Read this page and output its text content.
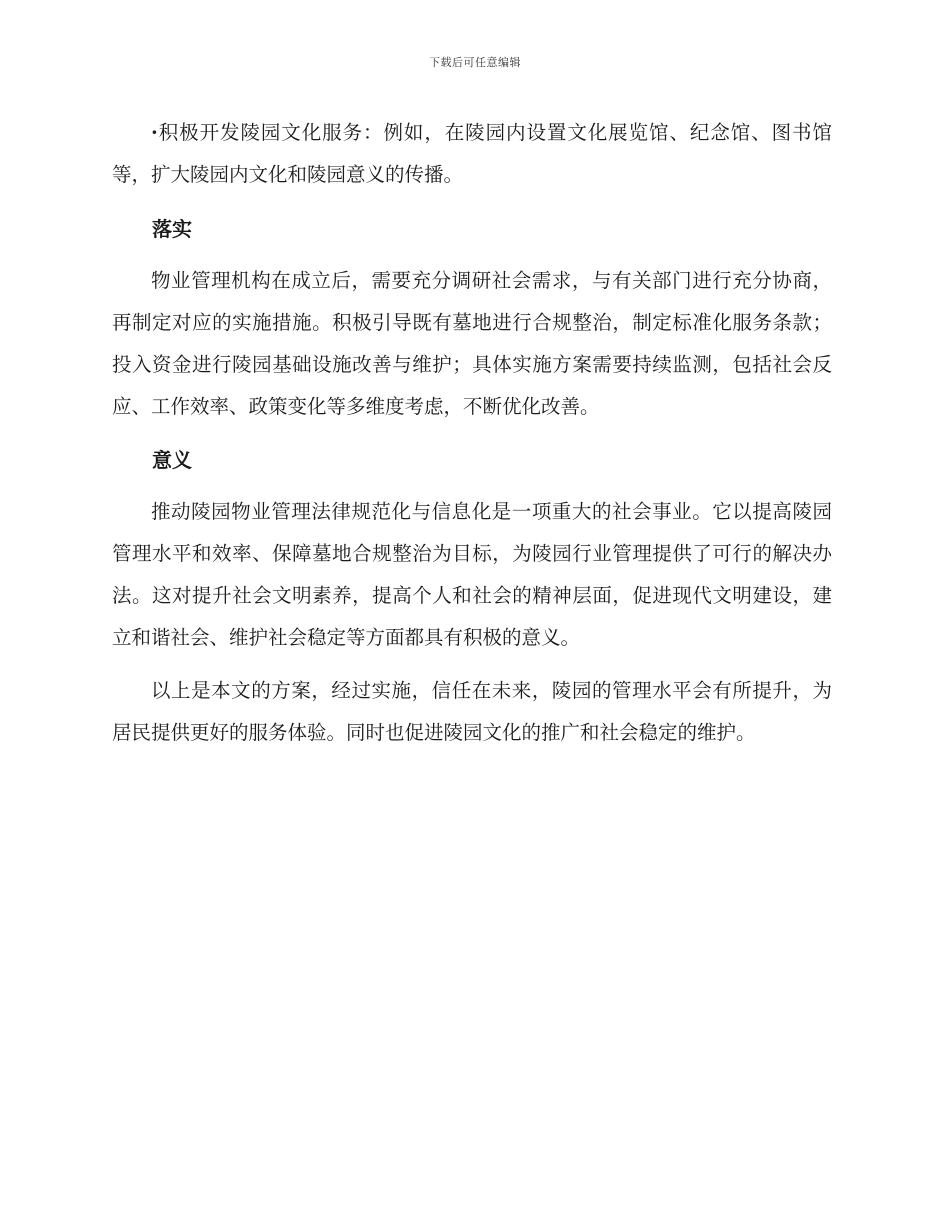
下载后可任意编辑

·积极开发陵园文化服务：例如，在陵园内设置文化展览馆、纪念馆、图书馆等，扩大陵园内文化和陵园意义的传播。

落实

物业管理机构在成立后，需要充分调研社会需求，与有关部门进行充分协商，再制定对应的实施措施。积极引导既有墓地进行合规整治，制定标准化服务条款；投入资金进行陵园基础设施改善与维护；具体实施方案需要持续监测，包括社会反应、工作效率、政策变化等多维度考虑，不断优化改善。

意义

推动陵园物业管理法律规范化与信息化是一项重大的社会事业。它以提高陵园管理水平和效率、保障墓地合规整治为目标，为陵园行业管理提供了可行的解决办法。这对提升社会文明素养，提高个人和社会的精神层面，促进现代文明建设，建立和谐社会、维护社会稳定等方面都具有积极的意义。

以上是本文的方案，经过实施，信任在未来，陵园的管理水平会有所提升，为居民提供更好的服务体验。同时也促进陵园文化的推广和社会稳定的维护。
